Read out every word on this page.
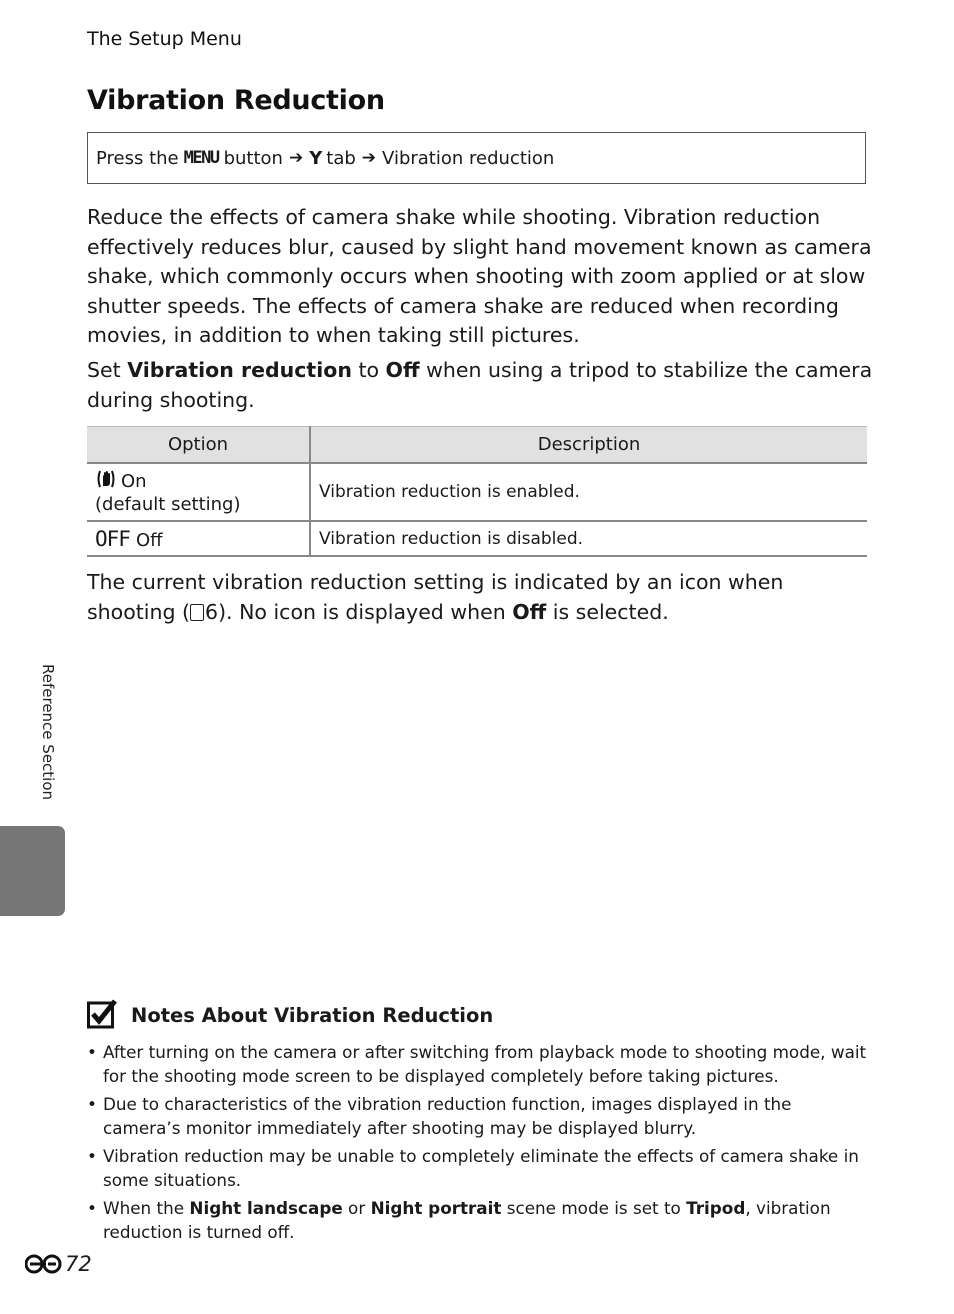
The Setup Menu
Vibration Reduction
Press the MENU button ➔ Y tab ➔ Vibration reduction
Reduce the effects of camera shake while shooting. Vibration reduction effectively reduces blur, caused by slight hand movement known as camera shake, which commonly occurs when shooting with zoom applied or at slow shutter speeds. The effects of camera shake are reduced when recording movies, in addition to when taking still pictures.
Set Vibration reduction to Off when using a tripod to stabilize the camera during shooting.
Option	Description
On
(default setting)	Vibration reduction is enabled.
OFF Off	Vibration reduction is disabled.
The current vibration reduction setting is indicated by an icon when shooting ( 6). No icon is displayed when Off is selected.
Reference Section
Notes About Vibration Reduction
• After turning on the camera or after switching from playback mode to shooting mode, wait for the shooting mode screen to be displayed completely before taking pictures.
• Due to characteristics of the vibration reduction function, images displayed in the camera’s monitor immediately after shooting may be displayed blurry.
• Vibration reduction may be unable to completely eliminate the effects of camera shake in some situations.
• When the Night landscape or Night portrait scene mode is set to Tripod, vibration reduction is turned off.
72
